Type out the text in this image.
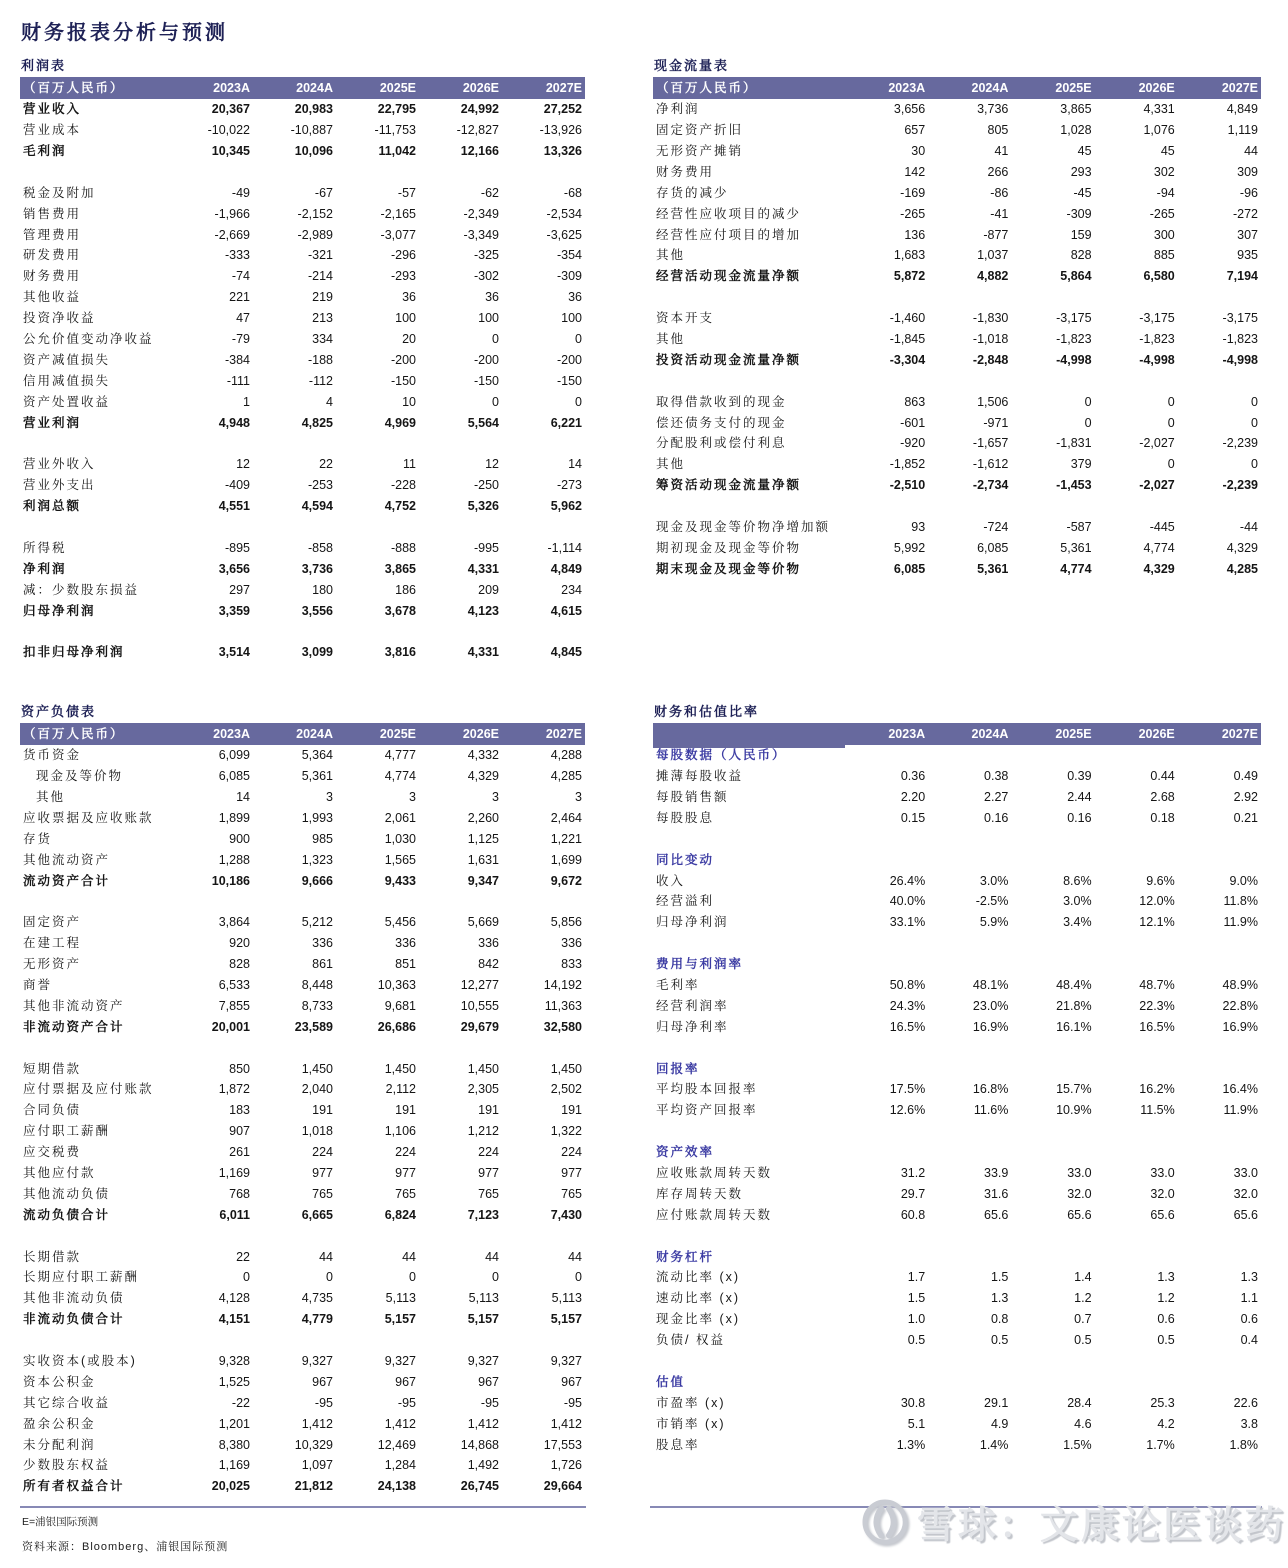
财务报表分析与预测
利润表
（百万人民币）	2023A	2024A	2025E	2026E	2027E
营业收入	20,367	20,983	22,795	24,992	27,252
营业成本	-10,022	-10,887	-11,753	-12,827	-13,926
毛利润	10,345	10,096	11,042	12,166	13,326

税金及附加	-49	-67	-57	-62	-68
销售费用	-1,966	-2,152	-2,165	-2,349	-2,534
管理费用	-2,669	-2,989	-3,077	-3,349	-3,625
研发费用	-333	-321	-296	-325	-354
财务费用	-74	-214	-293	-302	-309
其他收益	221	219	36	36	36
投资净收益	47	213	100	100	100
公允价值变动净收益	-79	334	20	0	0
资产减值损失	-384	-188	-200	-200	-200
信用减值损失	-111	-112	-150	-150	-150
资产处置收益	1	4	10	0	0
营业利润	4,948	4,825	4,969	5,564	6,221

营业外收入	12	22	11	12	14
营业外支出	-409	-253	-228	-250	-273
利润总额	4,551	4,594	4,752	5,326	5,962

所得税	-895	-858	-888	-995	-1,114
净利润	3,656	3,736	3,865	4,331	4,849
减：少数股东损益	297	180	186	209	234
归母净利润	3,359	3,556	3,678	4,123	4,615

扣非归母净利润	3,514	3,099	3,816	4,331	4,845
现金流量表
（百万人民币）	2023A	2024A	2025E	2026E	2027E
净利润	3,656	3,736	3,865	4,331	4,849
固定资产折旧	657	805	1,028	1,076	1,119
无形资产摊销	30	41	45	45	44
财务费用	142	266	293	302	309
存货的减少	-169	-86	-45	-94	-96
经营性应收项目的减少	-265	-41	-309	-265	-272
经营性应付项目的增加	136	-877	159	300	307
其他	1,683	1,037	828	885	935
经营活动现金流量净额	5,872	4,882	5,864	6,580	7,194

资本开支	-1,460	-1,830	-3,175	-3,175	-3,175
其他	-1,845	-1,018	-1,823	-1,823	-1,823
投资活动现金流量净额	-3,304	-2,848	-4,998	-4,998	-4,998

取得借款收到的现金	863	1,506	0	0	0
偿还债务支付的现金	-601	-971	0	0	0
分配股利或偿付利息	-920	-1,657	-1,831	-2,027	-2,239
其他	-1,852	-1,612	379	0	0
筹资活动现金流量净额	-2,510	-2,734	-1,453	-2,027	-2,239

现金及现金等价物净增加额	93	-724	-587	-445	-44
期初现金及现金等价物	5,992	6,085	5,361	4,774	4,329
期末现金及现金等价物	6,085	5,361	4,774	4,329	4,285
资产负债表
（百万人民币）	2023A	2024A	2025E	2026E	2027E
货币资金	6,099	5,364	4,777	4,332	4,288
现金及等价物	6,085	5,361	4,774	4,329	4,285
其他	14	3	3	3	3
应收票据及应收账款	1,899	1,993	2,061	2,260	2,464
存货	900	985	1,030	1,125	1,221
其他流动资产	1,288	1,323	1,565	1,631	1,699
流动资产合计	10,186	9,666	9,433	9,347	9,672

固定资产	3,864	5,212	5,456	5,669	5,856
在建工程	920	336	336	336	336
无形资产	828	861	851	842	833
商誉	6,533	8,448	10,363	12,277	14,192
其他非流动资产	7,855	8,733	9,681	10,555	11,363
非流动资产合计	20,001	23,589	26,686	29,679	32,580

短期借款	850	1,450	1,450	1,450	1,450
应付票据及应付账款	1,872	2,040	2,112	2,305	2,502
合同负债	183	191	191	191	191
应付职工薪酬	907	1,018	1,106	1,212	1,322
应交税费	261	224	224	224	224
其他应付款	1,169	977	977	977	977
其他流动负债	768	765	765	765	765
流动负债合计	6,011	6,665	6,824	7,123	7,430

长期借款	22	44	44	44	44
长期应付职工薪酬	0	0	0	0	0
其他非流动负债	4,128	4,735	5,113	5,113	5,113
非流动负债合计	4,151	4,779	5,157	5,157	5,157

实收资本(或股本)	9,328	9,327	9,327	9,327	9,327
资本公积金	1,525	967	967	967	967
其它综合收益	-22	-95	-95	-95	-95
盈余公积金	1,201	1,412	1,412	1,412	1,412
未分配利润	8,380	10,329	12,469	14,868	17,553
少数股东权益	1,169	1,097	1,284	1,492	1,726
所有者权益合计	20,025	21,812	24,138	26,745	29,664
财务和估值比率
	2023A	2024A	2025E	2026E	2027E
每股数据（人民币）					
摊薄每股收益	0.36	0.38	0.39	0.44	0.49
每股销售额	2.20	2.27	2.44	2.68	2.92
每股股息	0.15	0.16	0.16	0.18	0.21

同比变动					
收入	26.4%	3.0%	8.6%	9.6%	9.0%
经营溢利	40.0%	-2.5%	3.0%	12.0%	11.8%
归母净利润	33.1%	5.9%	3.4%	12.1%	11.9%

费用与利润率					
毛利率	50.8%	48.1%	48.4%	48.7%	48.9%
经营利润率	24.3%	23.0%	21.8%	22.3%	22.8%
归母净利率	16.5%	16.9%	16.1%	16.5%	16.9%

回报率					
平均股本回报率	17.5%	16.8%	15.7%	16.2%	16.4%
平均资产回报率	12.6%	11.6%	10.9%	11.5%	11.9%

资产效率					
应收账款周转天数	31.2	33.9	33.0	33.0	33.0
库存周转天数	29.7	31.6	32.0	32.0	32.0
应付账款周转天数	60.8	65.6	65.6	65.6	65.6

财务杠杆					
流动比率 (x)	1.7	1.5	1.4	1.3	1.3
速动比率 (x)	1.5	1.3	1.2	1.2	1.1
现金比率 (x)	1.0	0.8	0.7	0.6	0.6
负债/ 权益	0.5	0.5	0.5	0.5	0.4

估值					
市盈率 (x)	30.8	29.1	28.4	25.3	22.6
市销率 (x)	5.1	4.9	4.6	4.2	3.8
股息率	1.3%	1.4%	1.5%	1.7%	1.8%
E=浦银国际预测
资料来源：Bloomberg、浦银国际预测	雪球：文康论医谈药
